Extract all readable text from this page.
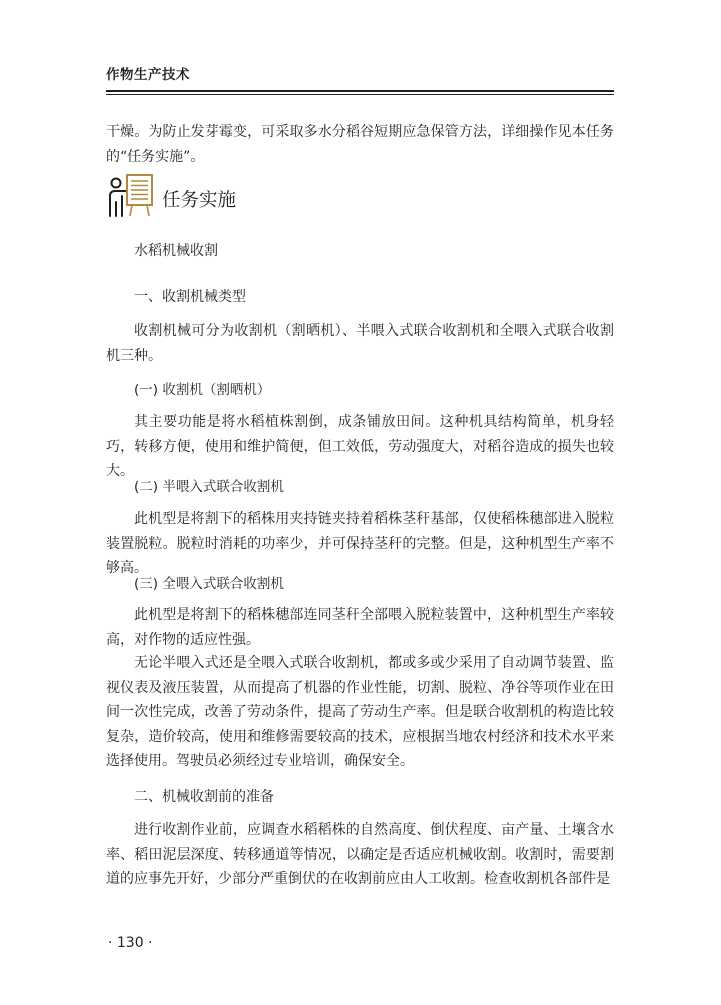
作物生产技术

干燥。为防止发芽霉变，可采取多水分稻谷短期应急保管方法，详细操作见本任务的“任务实施”。

任务实施
水稻机械收割
一、收割机械类型

收割机械可分为收割机（割晒机）、半喂入式联合收割机和全喂入式联合收割机三种。

(一) 收割机（割晒机）

其主要功能是将水稻植株割倒，成条铺放田间。这种机具结构简单，机身轻巧，转移方便，使用和维护简便，但工效低，劳动强度大，对稻谷造成的损失也较大。

(二) 半喂入式联合收割机

此机型是将割下的稻株用夹持链夹持着稻株茎秆基部，仅使稻株穗部进入脱粒装置脱粒。脱粒时消耗的功率少，并可保持茎秆的完整。但是，这种机型生产率不够高。

(三) 全喂入式联合收割机

此机型是将割下的稻株穗部连同茎秆全部喂入脱粒装置中，这种机型生产率较高，对作物的适应性强。

无论半喂入式还是全喂入式联合收割机，都或多或少采用了自动调节装置、监视仪表及液压装置，从而提高了机器的作业性能，切割、脱粒、净谷等项作业在田间一次性完成，改善了劳动条件，提高了劳动生产率。但是联合收割机的构造比较复杂，造价较高，使用和维修需要较高的技术，应根据当地农村经济和技术水平来选择使用。驾驶员必须经过专业培训，确保安全。

二、机械收割前的准备

进行收割作业前，应调查水稻稻株的自然高度、倒伏程度、亩产量、土壤含水率、稻田泥层深度、转移通道等情况，以确定是否适应机械收割。收割时，需要割道的应事先开好，少部分严重倒伏的在收割前应由人工收割。检查收割机各部件是

· 130 ·
